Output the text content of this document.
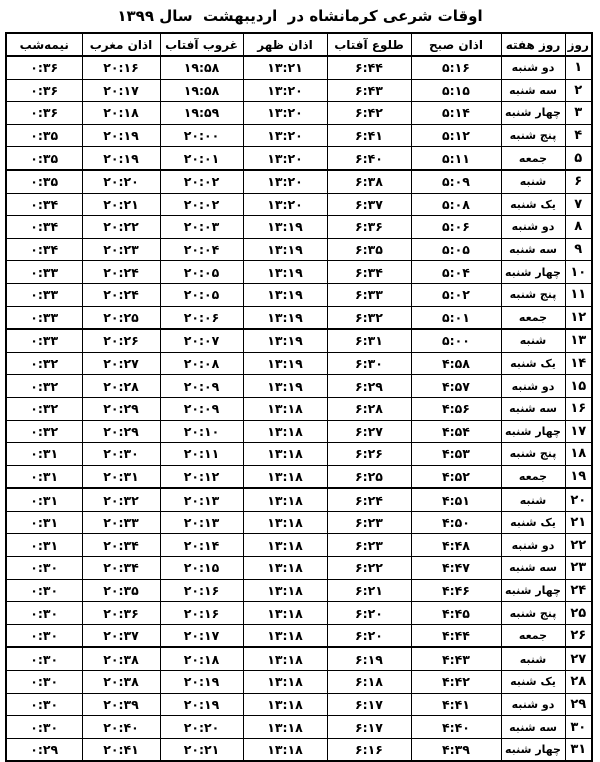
اوقات شرعی کرمانشاه در  اردیبهشت  سال ۱۳۹۹
روز	روز هفته	اذان صبح	طلوع آفتاب	اذان ظهر	غروب آفتاب	اذان مغرب	نیمه‌شب
۱	دو شنبه	۵:۱۶	۶:۴۴	۱۳:۲۱	۱۹:۵۸	۲۰:۱۶	۰:۳۶
۲	سه شنبه	۵:۱۵	۶:۴۳	۱۳:۲۰	۱۹:۵۸	۲۰:۱۷	۰:۳۶
۳	چهار شنبه	۵:۱۴	۶:۴۲	۱۳:۲۰	۱۹:۵۹	۲۰:۱۸	۰:۳۶
۴	پنج شنبه	۵:۱۲	۶:۴۱	۱۳:۲۰	۲۰:۰۰	۲۰:۱۹	۰:۳۵
۵	جمعه	۵:۱۱	۶:۴۰	۱۳:۲۰	۲۰:۰۱	۲۰:۱۹	۰:۳۵
۶	شنبه	۵:۰۹	۶:۳۸	۱۳:۲۰	۲۰:۰۲	۲۰:۲۰	۰:۳۵
۷	یک شنبه	۵:۰۸	۶:۳۷	۱۳:۲۰	۲۰:۰۲	۲۰:۲۱	۰:۳۴
۸	دو شنبه	۵:۰۶	۶:۳۶	۱۳:۱۹	۲۰:۰۳	۲۰:۲۲	۰:۳۴
۹	سه شنبه	۵:۰۵	۶:۳۵	۱۳:۱۹	۲۰:۰۴	۲۰:۲۳	۰:۳۴
۱۰	چهار شنبه	۵:۰۴	۶:۳۴	۱۳:۱۹	۲۰:۰۵	۲۰:۲۴	۰:۳۳
۱۱	پنج شنبه	۵:۰۲	۶:۳۳	۱۳:۱۹	۲۰:۰۵	۲۰:۲۴	۰:۳۳
۱۲	جمعه	۵:۰۱	۶:۳۲	۱۳:۱۹	۲۰:۰۶	۲۰:۲۵	۰:۳۳
۱۳	شنبه	۵:۰۰	۶:۳۱	۱۳:۱۹	۲۰:۰۷	۲۰:۲۶	۰:۳۳
۱۴	یک شنبه	۴:۵۸	۶:۳۰	۱۳:۱۹	۲۰:۰۸	۲۰:۲۷	۰:۳۲
۱۵	دو شنبه	۴:۵۷	۶:۲۹	۱۳:۱۹	۲۰:۰۹	۲۰:۲۸	۰:۳۲
۱۶	سه شنبه	۴:۵۶	۶:۲۸	۱۳:۱۸	۲۰:۰۹	۲۰:۲۹	۰:۳۲
۱۷	چهار شنبه	۴:۵۴	۶:۲۷	۱۳:۱۸	۲۰:۱۰	۲۰:۲۹	۰:۳۲
۱۸	پنج شنبه	۴:۵۳	۶:۲۶	۱۳:۱۸	۲۰:۱۱	۲۰:۳۰	۰:۳۱
۱۹	جمعه	۴:۵۲	۶:۲۵	۱۳:۱۸	۲۰:۱۲	۲۰:۳۱	۰:۳۱
۲۰	شنبه	۴:۵۱	۶:۲۴	۱۳:۱۸	۲۰:۱۳	۲۰:۳۲	۰:۳۱
۲۱	یک شنبه	۴:۵۰	۶:۲۳	۱۳:۱۸	۲۰:۱۳	۲۰:۳۳	۰:۳۱
۲۲	دو شنبه	۴:۴۸	۶:۲۳	۱۳:۱۸	۲۰:۱۴	۲۰:۳۴	۰:۳۱
۲۳	سه شنبه	۴:۴۷	۶:۲۲	۱۳:۱۸	۲۰:۱۵	۲۰:۳۴	۰:۳۰
۲۴	چهار شنبه	۴:۴۶	۶:۲۱	۱۳:۱۸	۲۰:۱۶	۲۰:۳۵	۰:۳۰
۲۵	پنج شنبه	۴:۴۵	۶:۲۰	۱۳:۱۸	۲۰:۱۶	۲۰:۳۶	۰:۳۰
۲۶	جمعه	۴:۴۴	۶:۲۰	۱۳:۱۸	۲۰:۱۷	۲۰:۳۷	۰:۳۰
۲۷	شنبه	۴:۴۳	۶:۱۹	۱۳:۱۸	۲۰:۱۸	۲۰:۳۸	۰:۳۰
۲۸	یک شنبه	۴:۴۲	۶:۱۸	۱۳:۱۸	۲۰:۱۹	۲۰:۳۸	۰:۳۰
۲۹	دو شنبه	۴:۴۱	۶:۱۷	۱۳:۱۸	۲۰:۱۹	۲۰:۳۹	۰:۳۰
۳۰	سه شنبه	۴:۴۰	۶:۱۷	۱۳:۱۸	۲۰:۲۰	۲۰:۴۰	۰:۳۰
۳۱	چهار شنبه	۴:۳۹	۶:۱۶	۱۳:۱۸	۲۰:۲۱	۲۰:۴۱	۰:۲۹
